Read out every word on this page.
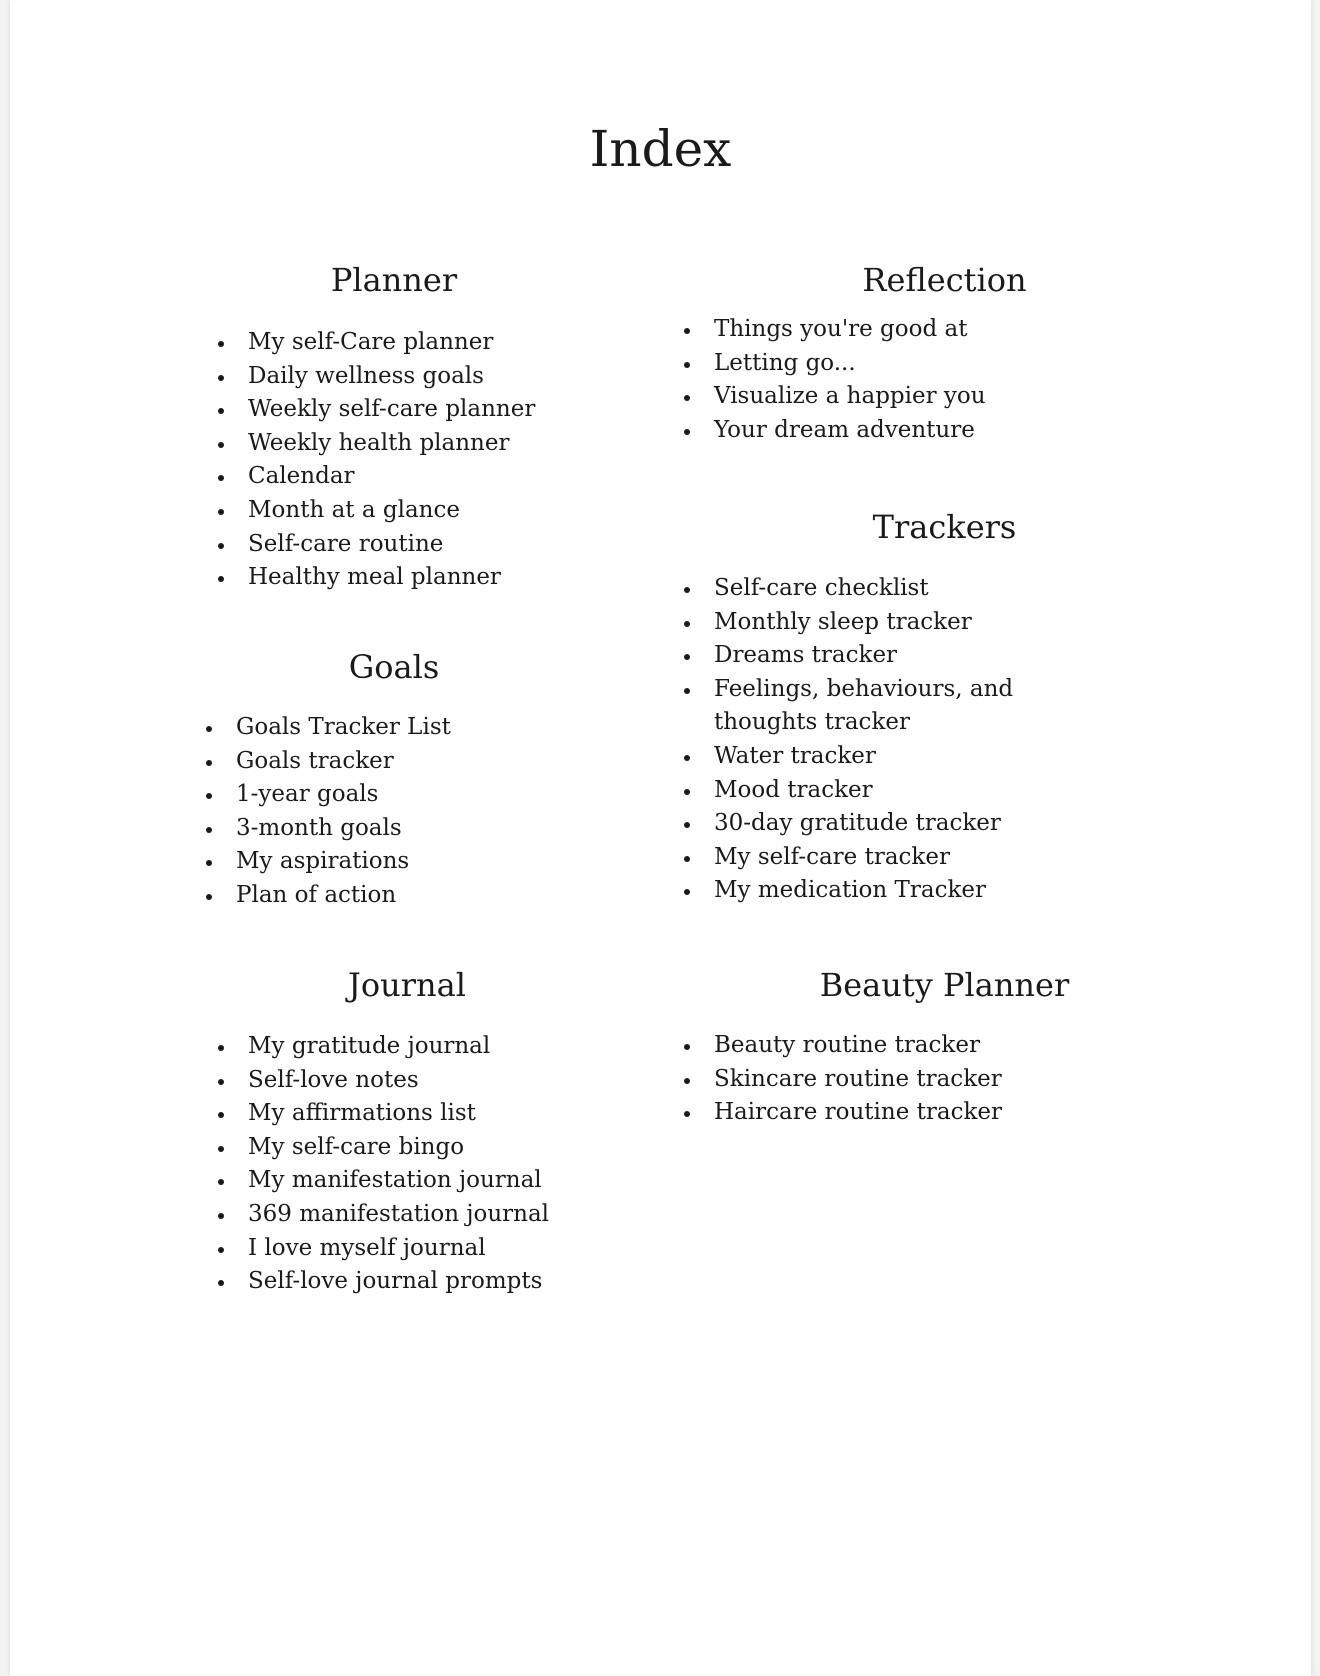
Index
Planner
My self-Care planner
Daily wellness goals
Weekly self-care planner
Weekly health planner
Calendar
Month at a glance
Self-care routine
Healthy meal planner
Goals
Goals Tracker List
Goals tracker
1-year goals
3-month goals
My aspirations
Plan of action
Journal
My gratitude journal
Self-love notes
My affirmations list
My self-care bingo
My manifestation journal
369 manifestation journal
I love myself journal
Self-love journal prompts
Reflection
Things you're good at
Letting go...
Visualize a happier you
Your dream adventure
Trackers
Self-care checklist
Monthly sleep tracker
Dreams tracker
Feelings, behaviours, and thoughts tracker
Water tracker
Mood tracker
30-day gratitude tracker
My self-care tracker
My medication Tracker
Beauty Planner
Beauty routine tracker
Skincare routine tracker
Haircare routine tracker
